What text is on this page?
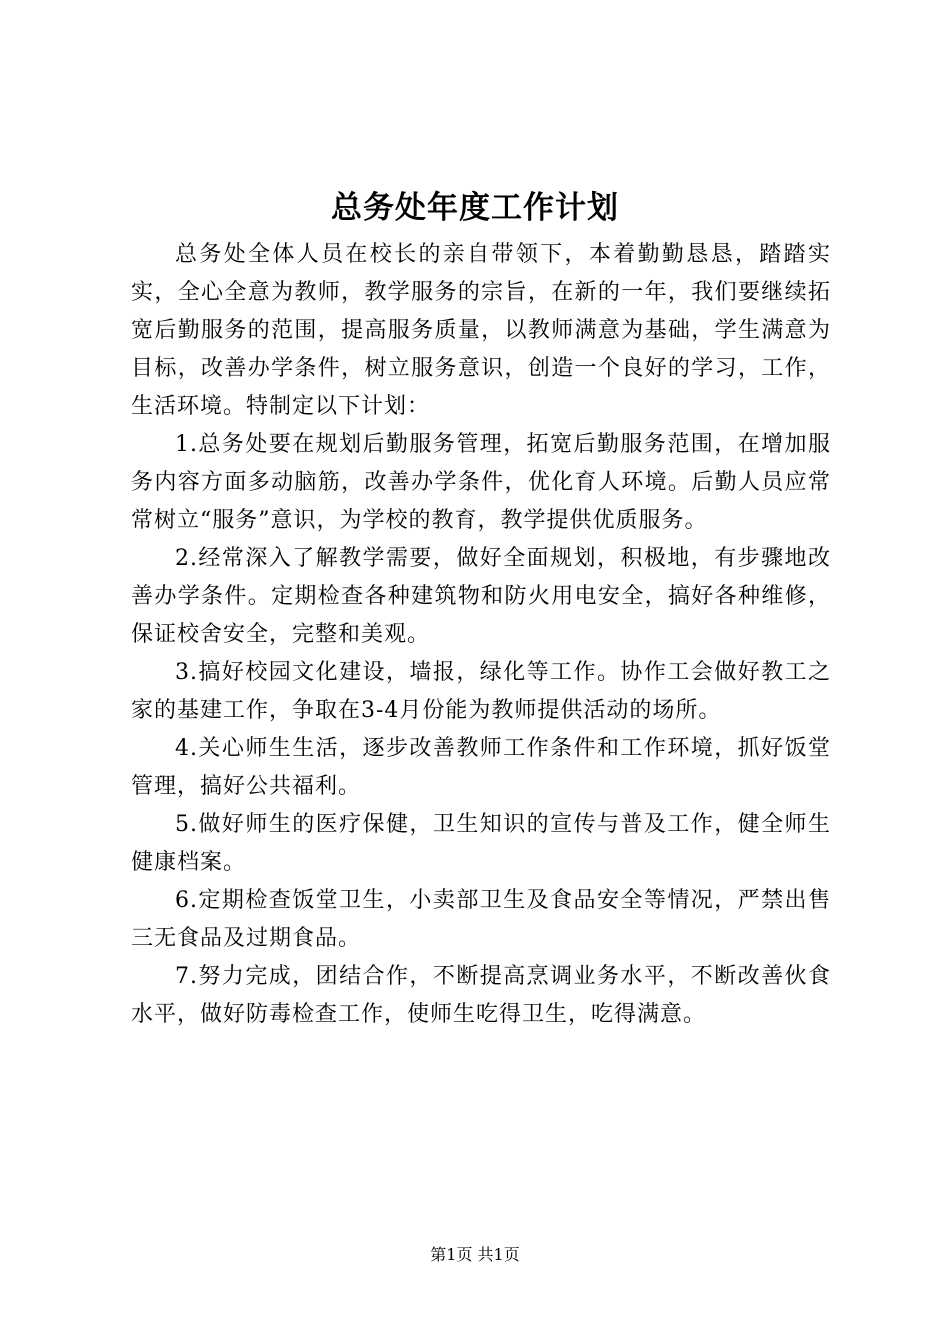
总务处年度工作计划

总务处全体人员在校长的亲自带领下，本着勤勤恳恳，踏踏实实，全心全意为教师，教学服务的宗旨，在新的一年，我们要继续拓宽后勤服务的范围，提高服务质量，以教师满意为基础，学生满意为目标，改善办学条件，树立服务意识，创造一个良好的学习，工作，生活环境。特制定以下计划：

1.总务处要在规划后勤服务管理，拓宽后勤服务范围，在增加服务内容方面多动脑筋，改善办学条件，优化育人环境。后勤人员应常常树立“服务”意识，为学校的教育，教学提供优质服务。

2.经常深入了解教学需要，做好全面规划，积极地，有步骤地改善办学条件。定期检查各种建筑物和防火用电安全，搞好各种维修，保证校舍安全，完整和美观。

3.搞好校园文化建设，墙报，绿化等工作。协作工会做好教工之家的基建工作，争取在3-4月份能为教师提供活动的场所。

4.关心师生生活，逐步改善教师工作条件和工作环境，抓好饭堂管理，搞好公共福利。

5.做好师生的医疗保健，卫生知识的宣传与普及工作，健全师生健康档案。

6.定期检查饭堂卫生，小卖部卫生及食品安全等情况，严禁出售三无食品及过期食品。

7.努力完成，团结合作，不断提高烹调业务水平，不断改善伙食水平，做好防毒检查工作，使师生吃得卫生，吃得满意。

第1页 共1页
